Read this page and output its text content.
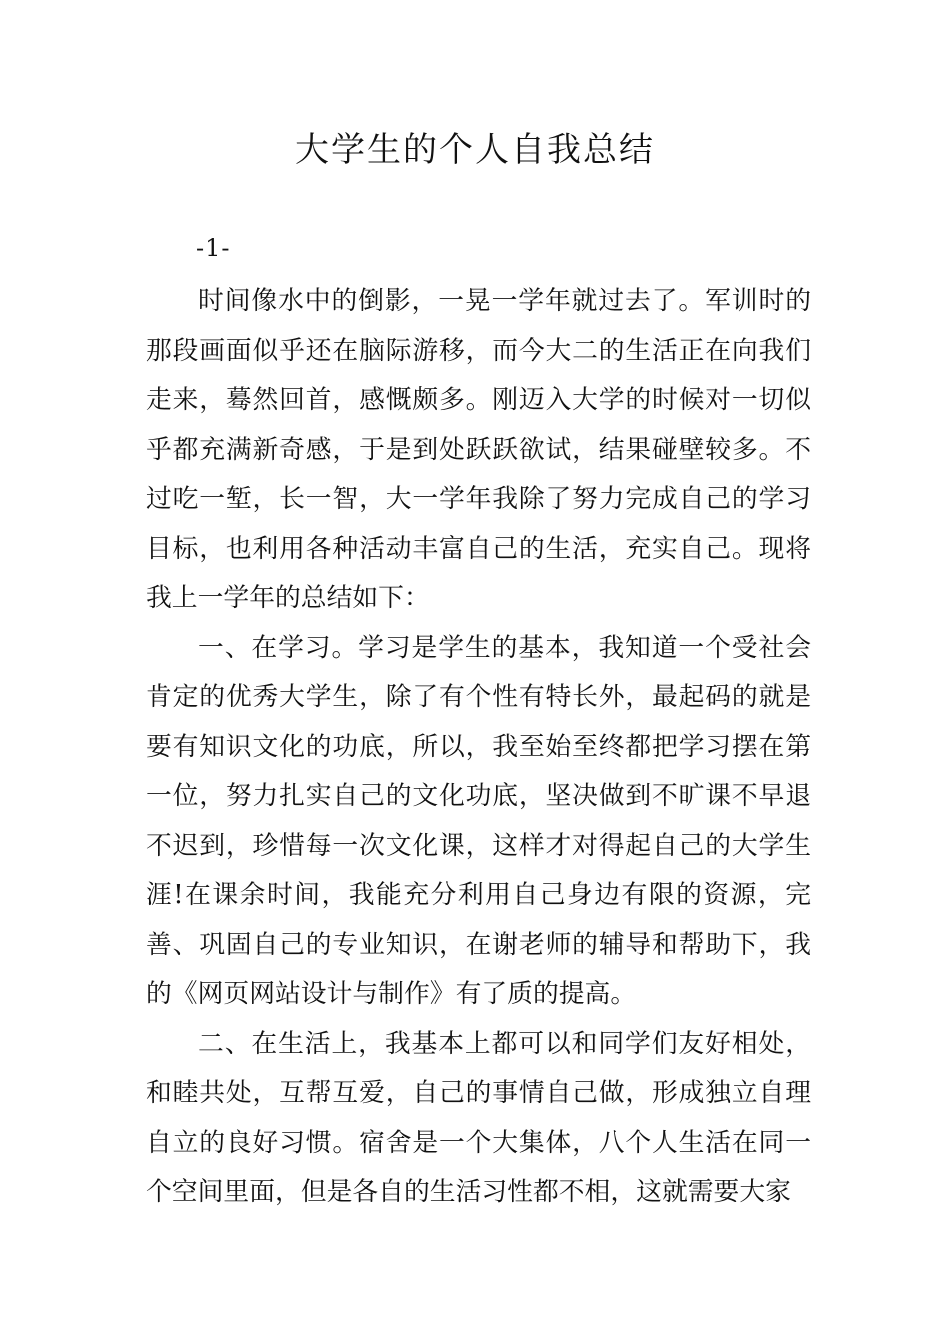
大学生的个人自我总结
-1-

时间像水中的倒影，一晃一学年就过去了。军训时的那段画面似乎还在脑际游移，而今大二的生活正在向我们走来，蓦然回首，感慨颇多。刚迈入大学的时候对一切似乎都充满新奇感，于是到处跃跃欲试，结果碰壁较多。不过吃一堑，长一智，大一学年我除了努力完成自己的学习目标，也利用各种活动丰富自己的生活，充实自己。现将我上一学年的总结如下：

一、在学习。学习是学生的基本，我知道一个受社会肯定的优秀大学生，除了有个性有特长外，最起码的就是要有知识文化的功底，所以，我至始至终都把学习摆在第一位，努力扎实自己的文化功底，坚决做到不旷课不早退不迟到，珍惜每一次文化课，这样才对得起自己的大学生涯!在课余时间，我能充分利用自己身边有限的资源，完善、巩固自己的专业知识，在谢老师的辅导和帮助下，我的《网页网站设计与制作》有了质的提高。

二、在生活上，我基本上都可以和同学们友好相处，和睦共处，互帮互爱，自己的事情自己做，形成独立自理自立的良好习惯。宿舍是一个大集体，八个人生活在同一个空间里面，但是各自的生活习性都不相，这就需要大家
